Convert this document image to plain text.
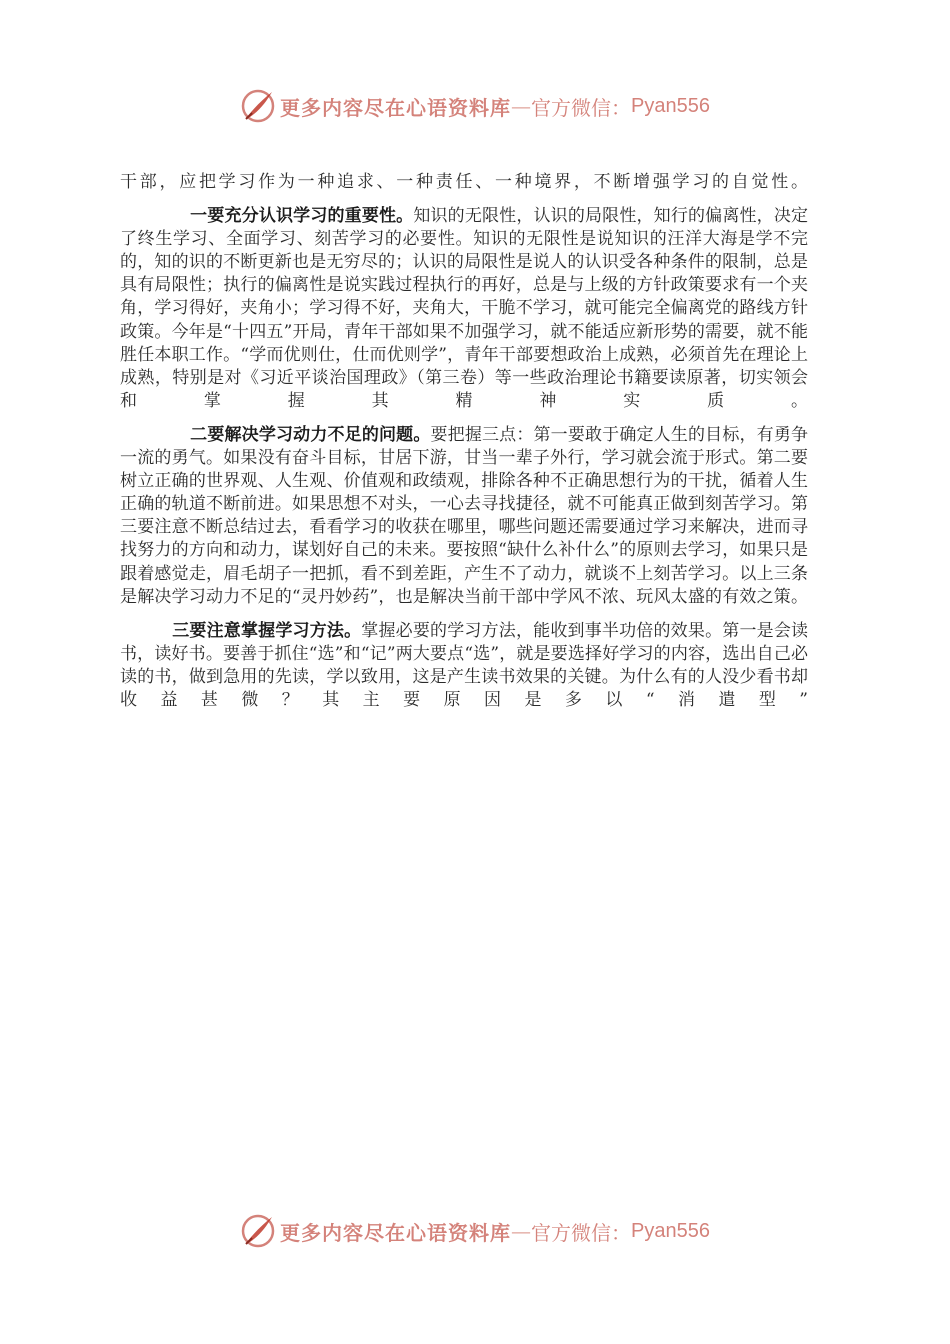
更多内容尽在心语资料库 — 官方微信： Pyan556

干部，应把学习作为一种追求、一种责任、一种境界，不断增强学习的自觉性。

一要充分认识学习的重要性。知识的无限性，认识的局限性，知行的偏离性，决定了终生学习、全面学习、刻苦学习的必要性。知识的无限性是说知识的汪洋大海是学不完的，知的识的不断更新也是无穷尽的；认识的局限性是说人的认识受各种条件的限制，总是具有局限性；执行的偏离性是说实践过程执行的再好，总是与上级的方针政策要求有一个夹角，学习得好，夹角小；学习得不好，夹角大，干脆不学习，就可能完全偏离党的路线方针政策。今年是“十四五”开局，青年干部如果不加强学习，就不能适应新形势的需要，就不能胜任本职工作。“学而优则仕，仕而优则学”，青年干部要想政治上成熟，必须首先在理论上成熟，特别是对《习近平谈治国理政》（第三卷）等一些政治理论书籍要读原著，切实领会和掌握其精神实质。

二要解决学习动力不足的问题。要把握三点：第一要敢于确定人生的目标，有勇争一流的勇气。如果没有奋斗目标，甘居下游，甘当一辈子外行，学习就会流于形式。第二要树立正确的世界观、人生观、价值观和政绩观，排除各种不正确思想行为的干扰，循着人生正确的轨道不断前进。如果思想不对头，一心去寻找捷径，就不可能真正做到刻苦学习。第三要注意不断总结过去，看看学习的收获在哪里，哪些问题还需要通过学习来解决，进而寻找努力的方向和动力，谋划好自己的未来。要按照“缺什么补什么”的原则去学习，如果只是跟着感觉走，眉毛胡子一把抓，看不到差距，产生不了动力，就谈不上刻苦学习。以上三条是解决学习动力不足的“灵丹妙药”，也是解决当前干部中学风不浓、玩风太盛的有效之策。

三要注意掌握学习方法。掌握必要的学习方法，能收到事半功倍的效果。第一是会读书，读好书。要善于抓住“选”和“记”两大要点“选”，就是要选择好学习的内容，选出自己必读的书，做到急用的先读，学以致用，这是产生读书效果的关键。为什么有的人没少看书却收益甚微？其主要原因是多以“消遣型”

更多内容尽在心语资料库 — 官方微信： Pyan556
